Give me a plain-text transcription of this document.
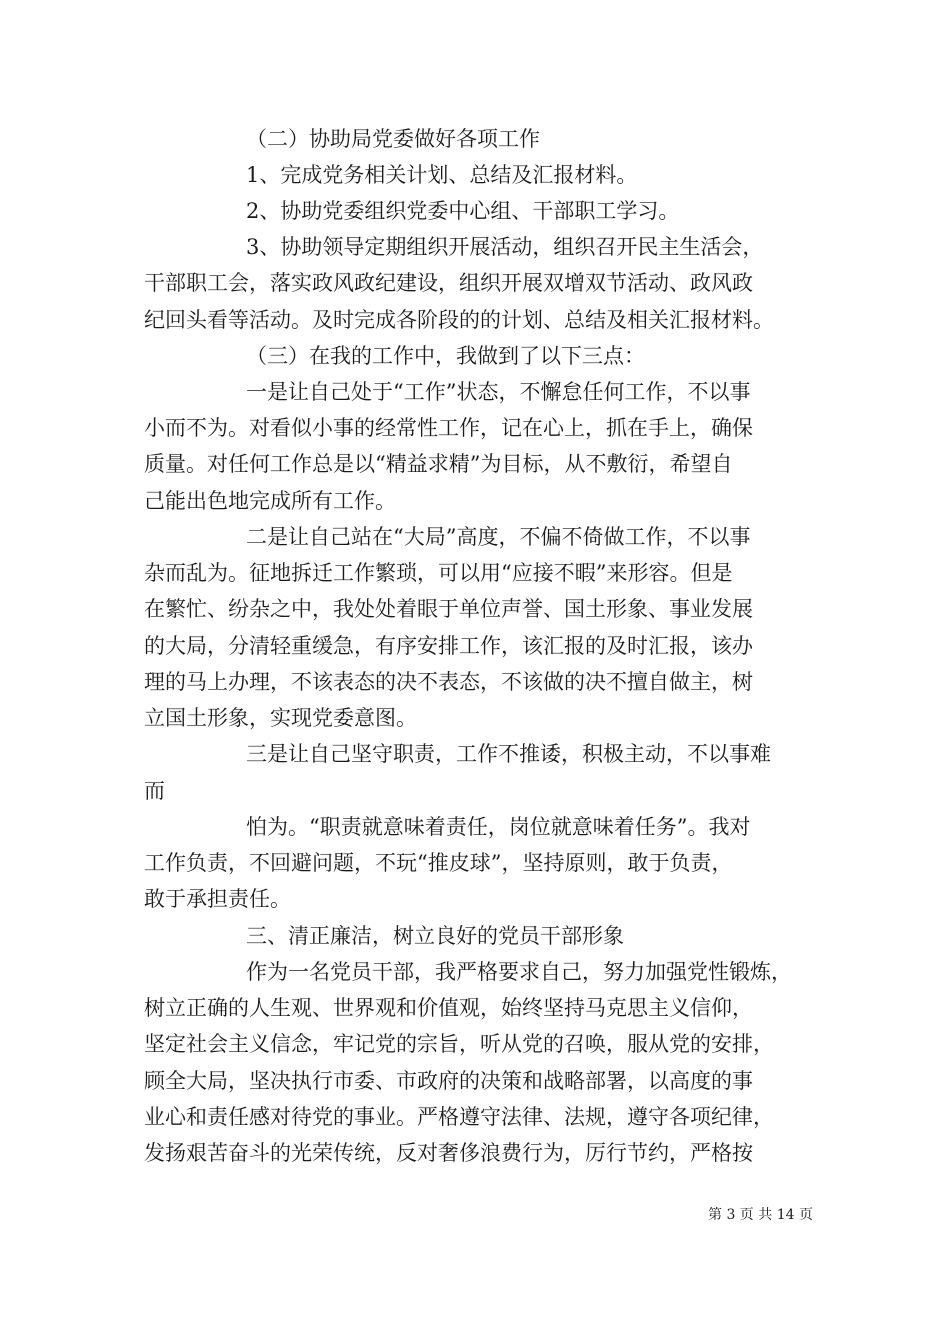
（二）协助局党委做好各项工作
1、完成党务相关计划、总结及汇报材料。
2、协助党委组织党委中心组、干部职工学习。
3、协助领导定期组织开展活动，组织召开民主生活会，
干部职工会，落实政风政纪建设，组织开展双增双节活动、政风政
纪回头看等活动。及时完成各阶段的的计划、总结及相关汇报材料。
（三）在我的工作中，我做到了以下三点：
一是让自己处于“工作”状态，不懈怠任何工作，不以事
小而不为。对看似小事的经常性工作，记在心上，抓在手上，确保
质量。对任何工作总是以“精益求精”为目标，从不敷衍，希望自
己能出色地完成所有工作。
二是让自己站在“大局”高度，不偏不倚做工作，不以事
杂而乱为。征地拆迁工作繁琐，可以用“应接不暇”来形容。但是
在繁忙、纷杂之中，我处处着眼于单位声誉、国土形象、事业发展
的大局，分清轻重缓急，有序安排工作，该汇报的及时汇报，该办
理的马上办理，不该表态的决不表态，不该做的决不擅自做主，树
立国土形象，实现党委意图。
三是让自己坚守职责，工作不推诿，积极主动，不以事难
而
怕为。“职责就意味着责任，岗位就意味着任务”。我对
工作负责，不回避问题，不玩“推皮球”，坚持原则，敢于负责，
敢于承担责任。
三、清正廉洁，树立良好的党员干部形象
作为一名党员干部，我严格要求自己，努力加强党性锻炼，
树立正确的人生观、世界观和价值观，始终坚持马克思主义信仰，
坚定社会主义信念，牢记党的宗旨，听从党的召唤，服从党的安排，
顾全大局，坚决执行市委、市政府的决策和战略部署，以高度的事
业心和责任感对待党的事业。严格遵守法律、法规，遵守各项纪律，
发扬艰苦奋斗的光荣传统，反对奢侈浪费行为，厉行节约，严格按
第 3 页 共 14 页
